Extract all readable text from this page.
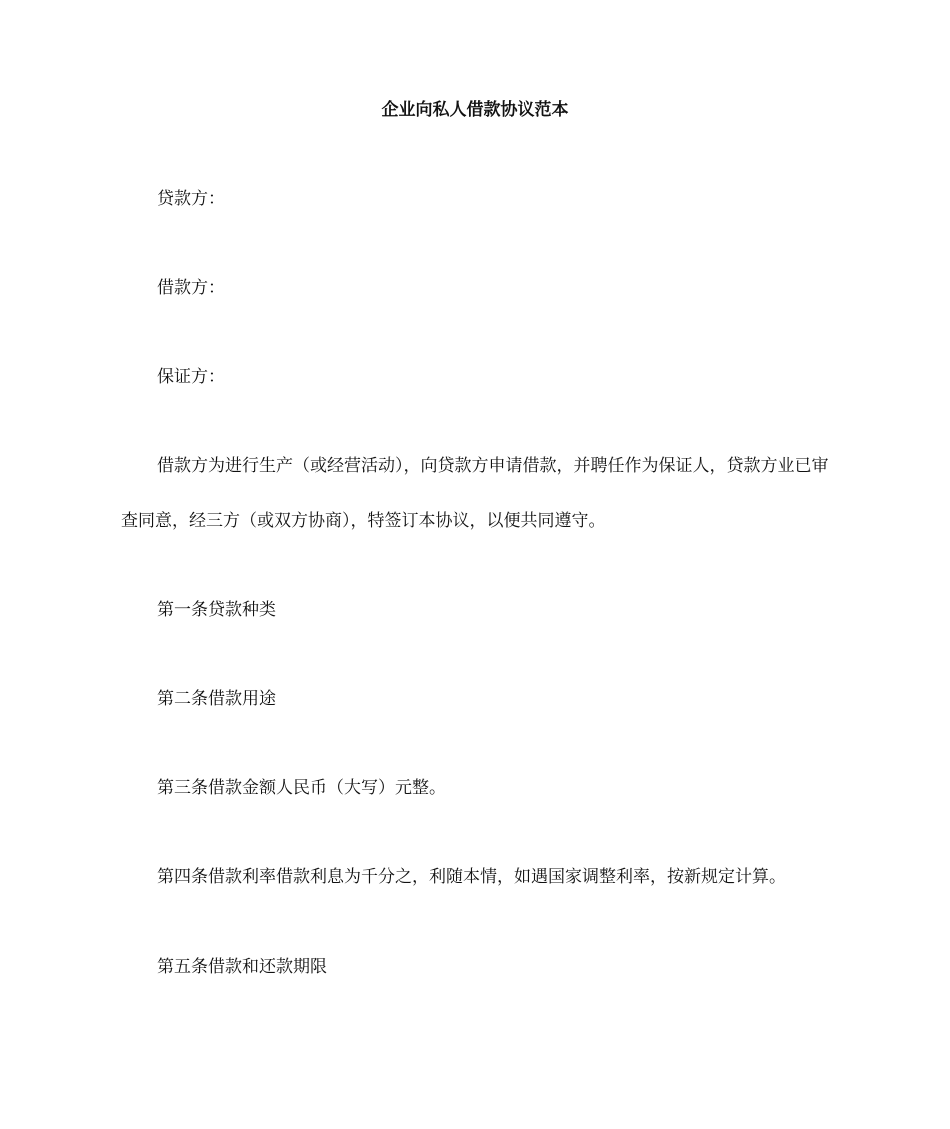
企业向私人借款协议范本

贷款方：

借款方：

保证方：

借款方为进行生产（或经营活动），向贷款方申请借款，并聘任作为保证人，贷款方业已审查同意，经三方（或双方协商），特签订本协议，以便共同遵守。

第一条贷款种类

第二条借款用途

第三条借款金额人民币（大写）元整。

第四条借款利率借款利息为千分之，利随本情，如遇国家调整利率，按新规定计算。

第五条借款和还款期限
